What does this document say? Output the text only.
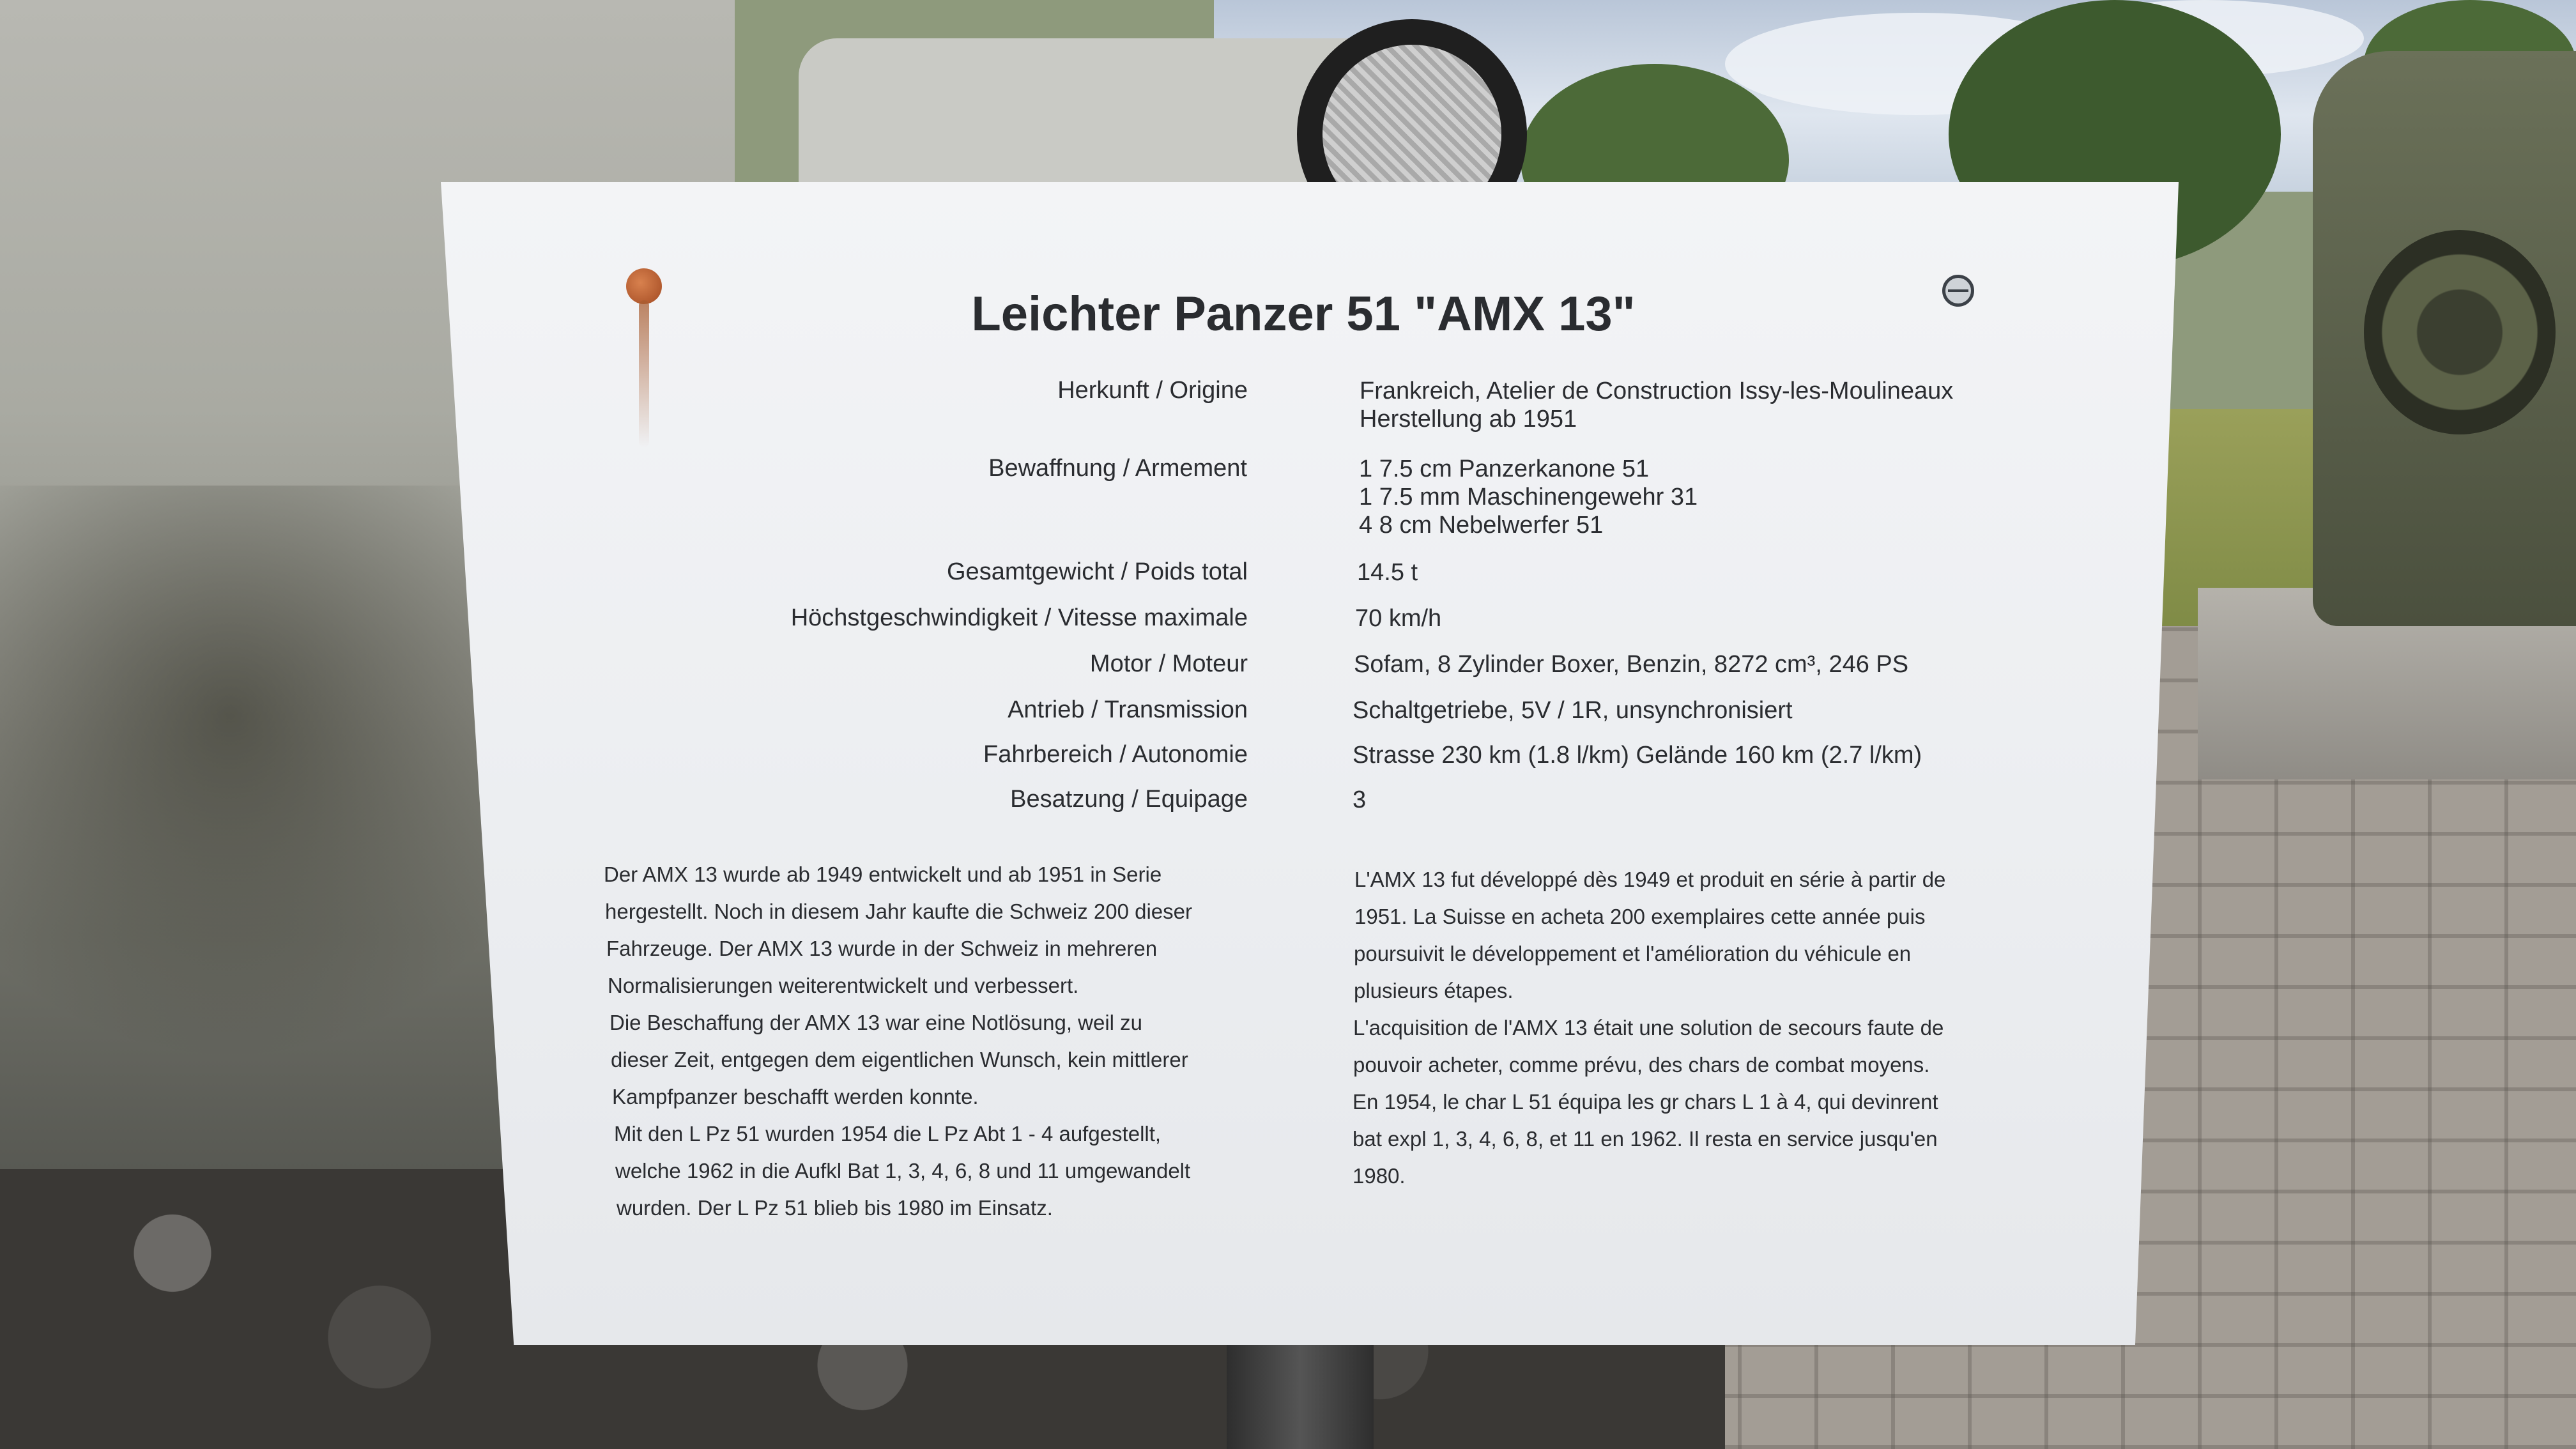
Leichter Panzer 51 "AMX 13"
Herkunft / Origine	Frankreich, Atelier de Construction Issy-les-Moulineaux
Herstellung ab 1951
Bewaffnung / Armement	1 7.5 cm Panzerkanone 51
1 7.5 mm Maschinengewehr 31
4 8 cm Nebelwerfer 51
Gesamtgewicht / Poids total	14.5 t
Höchstgeschwindigkeit / Vitesse maximale	70 km/h
Motor / Moteur	Sofam, 8 Zylinder Boxer, Benzin, 8272 cm³, 246 PS
Antrieb / Transmission	Schaltgetriebe, 5V / 1R, unsynchronisiert
Fahrbereich / Autonomie	Strasse 230 km (1.8 l/km) Gelände 160 km (2.7 l/km)
Besatzung / Equipage	3
Der AMX 13 wurde ab 1949 entwickelt und ab 1951 in Serie
hergestellt. Noch in diesem Jahr kaufte die Schweiz 200 dieser
Fahrzeuge. Der AMX 13 wurde in der Schweiz in mehreren
Normalisierungen weiterentwickelt und verbessert.
Die Beschaffung der AMX 13 war eine Notlösung, weil zu
dieser Zeit, entgegen dem eigentlichen Wunsch, kein mittlerer
Kampfpanzer beschafft werden konnte.
Mit den L Pz 51 wurden 1954 die L Pz Abt 1 - 4 aufgestellt,
welche 1962 in die Aufkl Bat 1, 3, 4, 6, 8 und 11 umgewandelt
wurden. Der L Pz 51 blieb bis 1980 im Einsatz.
L'AMX 13 fut développé dès 1949 et produit en série à partir de
1951. La Suisse en acheta 200 exemplaires cette année puis
poursuivit le développement et l'amélioration du véhicule en
plusieurs étapes.
L'acquisition de l'AMX 13 était une solution de secours faute de
pouvoir acheter, comme prévu, des chars de combat moyens.
En 1954, le char L 51 équipa les gr chars L 1 à 4, qui devinrent
bat expl 1, 3, 4, 6, 8, et 11 en 1962. Il resta en service jusqu'en
1980.
